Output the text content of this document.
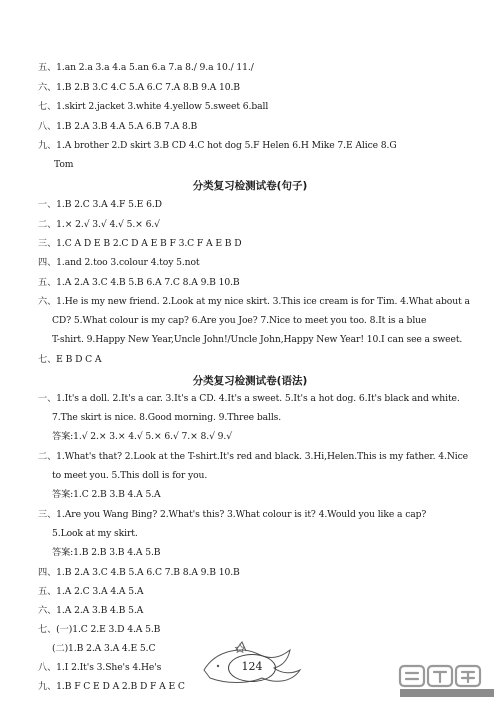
五、1.an 2.a 3.a 4.a 5.an 6.a 7.a 8./ 9.a 10./ 11./
六、1.B 2.B 3.C 4.C 5.A 6.C 7.A 8.B 9.A 10.B
七、1.skirt 2.jacket 3.white 4.yellow 5.sweet 6.ball
八、1.B 2.A 3.B 4.A 5.A 6.B 7.A 8.B
九、1.A brother 2.D skirt 3.B CD 4.C hot dog 5.F Helen 6.H Mike 7.E Alice 8.G
Tom
分类复习检测试卷(句子)
一、1.B 2.C 3.A 4.F 5.E 6.D
二、1.× 2.√ 3.√ 4.√ 5.× 6.√
三、1.C A D E B 2.C D A E B F 3.C F A E B D
四、1.and 2.too 3.colour 4.toy 5.not
五、1.A 2.A 3.C 4.B 5.B 6.A 7.C 8.A 9.B 10.B
六、1.He is my new friend. 2.Look at my nice skirt. 3.This ice cream is for Tim. 4.What about a
CD? 5.What colour is my cap? 6.Are you Joe? 7.Nice to meet you too. 8.It is a blue
T-shirt. 9.Happy New Year,Uncle John!/Uncle John,Happy New Year! 10.I can see a sweet.
七、E B D C A
分类复习检测试卷(语法)
一、1.It's a doll. 2.It's a car. 3.It's a CD. 4.It's a sweet. 5.It's a hot dog. 6.It's black and white.
7.The skirt is nice. 8.Good morning. 9.Three balls.
答案:1.√ 2.× 3.× 4.√ 5.× 6.√ 7.× 8.√ 9.√
二、1.What's that? 2.Look at the T-shirt.It's red and black. 3.Hi,Helen.This is my father. 4.Nice
to meet you. 5.This doll is for you.
答案:1.C 2.B 3.B 4.A 5.A
三、1.Are you Wang Bing? 2.What's this? 3.What colour is it? 4.Would you like a cap?
5.Look at my skirt.
答案:1.B 2.B 3.B 4.A 5.B
四、1.B 2.A 3.C 4.B 5.A 6.C 7.B 8.A 9.B 10.B
五、1.A 2.C 3.A 4.A 5.A
六、1.A 2.A 3.B 4.B 5.A
七、(一)1.C 2.E 3.D 4.A 5.B
(二)1.B 2.A 3.A 4.E 5.C
八、1.I 2.It's 3.She's 4.He's
九、1.B F C E D A 2.B D F A E C
124
